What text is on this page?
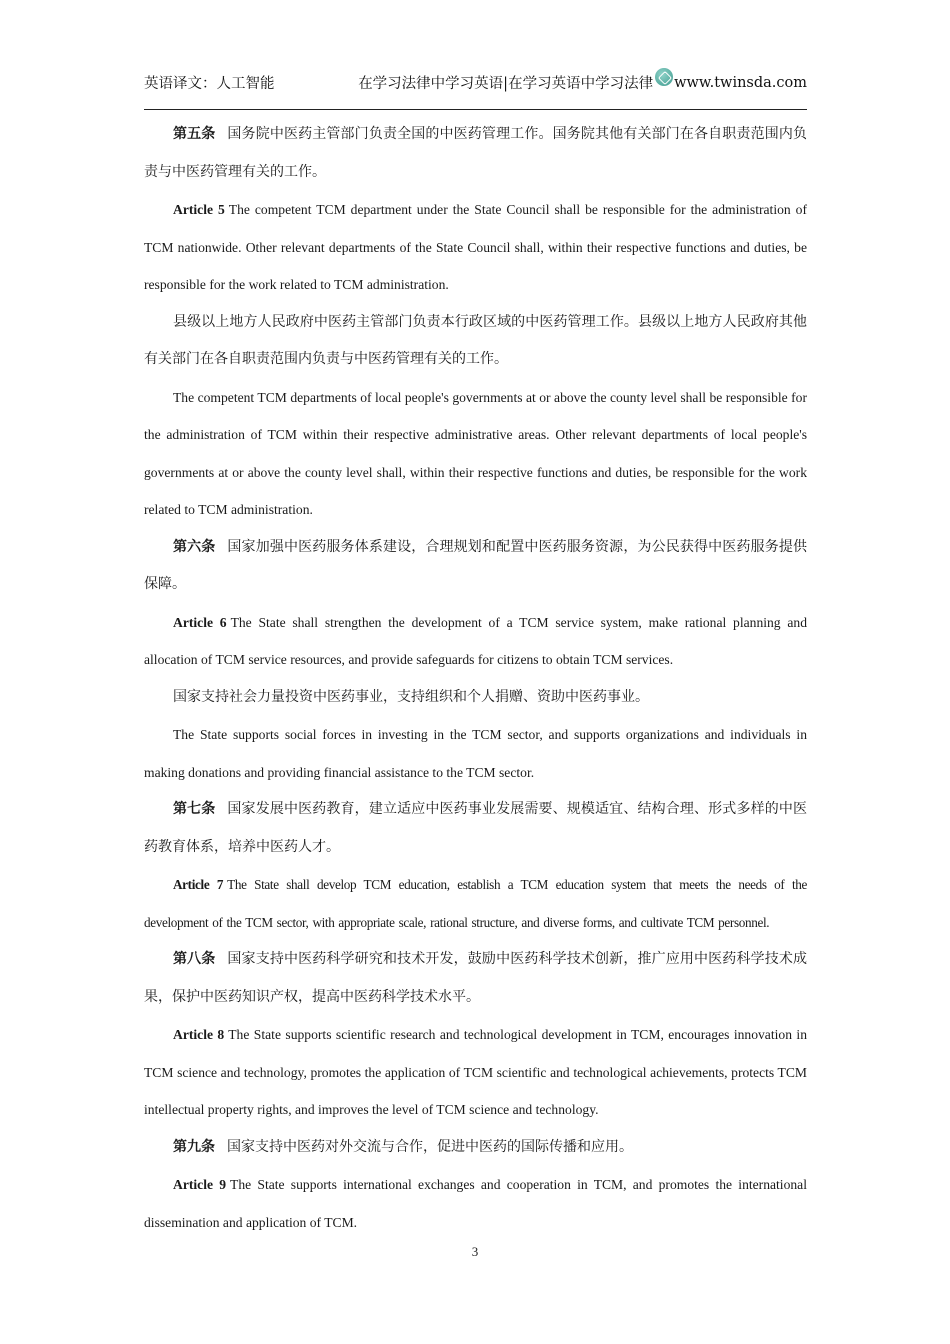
英语译文：人工智能	在学习法律中学习英语|在学习英语中学习法律 www.twinsda.com

第五条 国务院中医药主管部门负责全国的中医药管理工作。国务院其他有关部门在各自职责范围内负责与中医药管理有关的工作。

Article 5 The competent TCM department under the State Council shall be responsible for the administration of TCM nationwide. Other relevant departments of the State Council shall, within their respective functions and duties, be responsible for the work related to TCM administration.

县级以上地方人民政府中医药主管部门负责本行政区域的中医药管理工作。县级以上地方人民政府其他有关部门在各自职责范围内负责与中医药管理有关的工作。

The competent TCM departments of local people's governments at or above the county level shall be responsible for the administration of TCM within their respective administrative areas. Other relevant departments of local people's governments at or above the county level shall, within their respective functions and duties, be responsible for the work related to TCM administration.

第六条 国家加强中医药服务体系建设，合理规划和配置中医药服务资源，为公民获得中医药服务提供保障。

Article 6 The State shall strengthen the development of a TCM service system, make rational planning and allocation of TCM service resources, and provide safeguards for citizens to obtain TCM services.

国家支持社会力量投资中医药事业，支持组织和个人捐赠、资助中医药事业。

The State supports social forces in investing in the TCM sector, and supports organizations and individuals in making donations and providing financial assistance to the TCM sector.

第七条 国家发展中医药教育，建立适应中医药事业发展需要、规模适宜、结构合理、形式多样的中医药教育体系，培养中医药人才。

Article 7 The State shall develop TCM education, establish a TCM education system that meets the needs of the development of the TCM sector, with appropriate scale, rational structure, and diverse forms, and cultivate TCM personnel.

第八条 国家支持中医药科学研究和技术开发，鼓励中医药科学技术创新，推广应用中医药科学技术成果，保护中医药知识产权，提高中医药科学技术水平。

Article 8 The State supports scientific research and technological development in TCM, encourages innovation in TCM science and technology, promotes the application of TCM scientific and technological achievements, protects TCM intellectual property rights, and improves the level of TCM science and technology.

第九条 国家支持中医药对外交流与合作，促进中医药的国际传播和应用。

Article 9 The State supports international exchanges and cooperation in TCM, and promotes the international dissemination and application of TCM.

3
